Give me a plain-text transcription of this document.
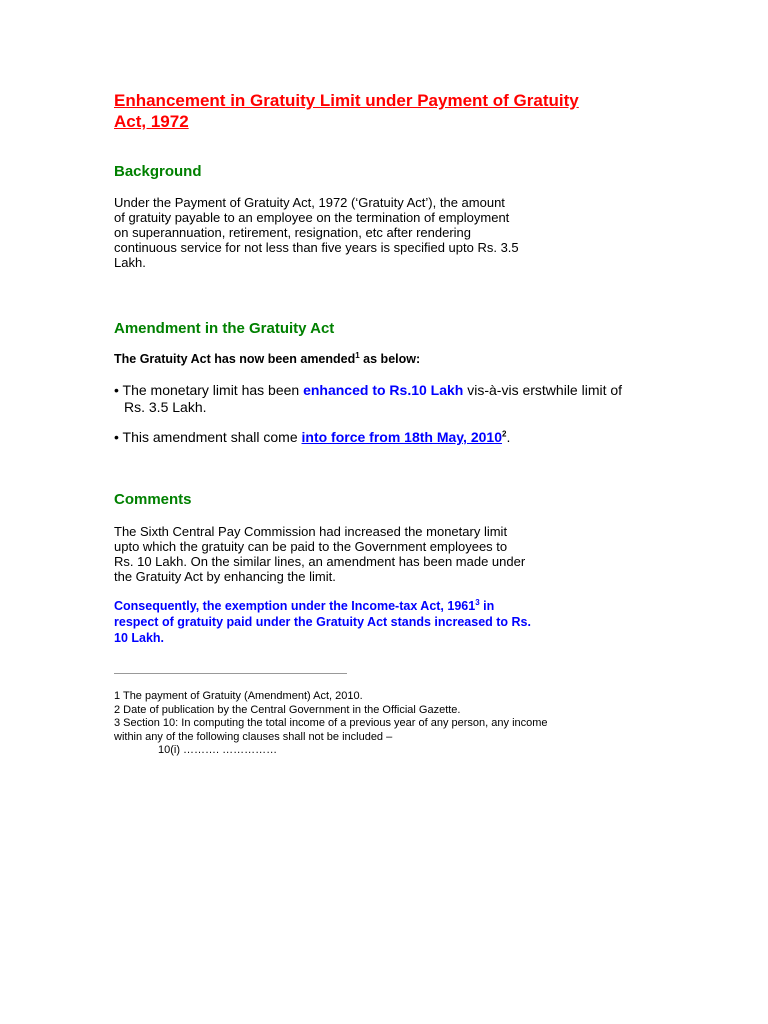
Enhancement in Gratuity Limit under Payment of Gratuity
Act, 1972
Background

Under the Payment of Gratuity Act, 1972 (‘Gratuity Act’), the amount
of gratuity payable to an employee on the termination of employment
on superannuation, retirement, resignation, etc after rendering
continuous service for not less than five years is specified upto Rs. 3.5
Lakh.

Amendment in the Gratuity Act

The Gratuity Act has now been amended$^1$ as below:

• The monetary limit has been enhanced to Rs.10 Lakh vis-à-vis erstwhile limit of
Rs. 3.5 Lakh.

• This amendment shall come into force from 18th May, 2010$^2$.

Comments

The Sixth Central Pay Commission had increased the monetary limit
upto which the gratuity can be paid to the Government employees to
Rs. 10 Lakh. On the similar lines, an amendment has been made under
the Gratuity Act by enhancing the limit.

Consequently, the exemption under the Income-tax Act, 1961$^3$ in
respect of gratuity paid under the Gratuity Act stands increased to Rs.
10 Lakh.

1 The payment of Gratuity (Amendment) Act, 2010.
2 Date of publication by the Central Government in the Official Gazette.
3 Section 10: In computing the total income of a previous year of any person, any income
within any of the following clauses shall not be included –
10(i) ………. ……………
